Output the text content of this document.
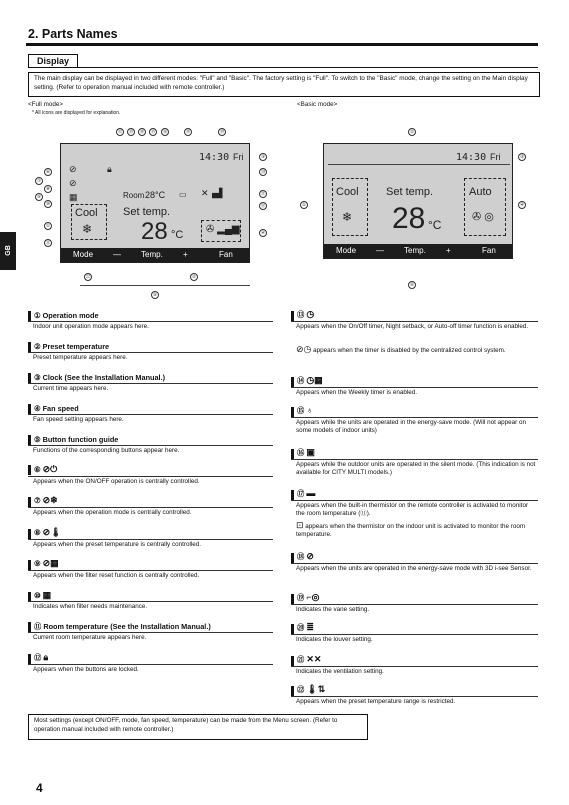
2. Parts Names
Display
The main display can be displayed in two different modes: "Full" and "Basic". The factory setting is "Full". To switch to the "Basic" mode, change the setting on the Main display setting. (Refer to operation manual included with remote controller.)
<Full mode>
* All icons are displayed for explanation.
⑫	⑬	⑭	⑮	⑯	⑱	⑲
③
⑳
㉑
⑰
④
⑥
⑦
⑧
⑨
⑩
①
⑪
㉒	②
⑤
14:30 Fri
⊘	🔒︎
⊘
▦	Room 28°C ▭ ✕▗▟
Cool
❄
Set temp.
28 °C ✇ ▂▄▆
Mode —	Temp.	+	Fan
GB
<Basic mode>
②
③
①	④
⑤
14:30 Fri
Cool
❄
Set temp.
28 °C
Auto
✇ ◎
Mode —	Temp.	+	Fan
① Operation mode
Indoor unit operation mode appears here.
② Preset temperature
Preset temperature appears here.
③ Clock (See the Installation Manual.)
Current time appears here.
④ Fan speed
Fan speed setting appears here.
⑤ Button function guide
Functions of the corresponding buttons appear here.
⑥ ⊘⏻
Appears when the ON/OFF operation is centrally controlled.
⑦ ⊘❄
Appears when the operation mode is centrally controlled.
⑧ ⊘🌡︎
Appears when the preset temperature is centrally controlled.
⑨ ⊘▦
Appears when the filter reset function is centrally controlled.
⑩ ▦
Indicates when filter needs maintenance.
⑪ Room temperature (See the Installation Manual.)
Current room temperature appears here.
⑫ 🔒︎
Appears when the buttons are locked.
⑬ ◷
Appears when the On/Off timer, Night setback, or Auto-off timer function is enabled.
⊘◷ appears when the timer is disabled by the centralized control system.
⑭ ◷▦
Appears when the Weekly timer is enabled.
⑮ ♁
Appears while the units are operated in the energy-save mode. (Will not appear on some models of indoor units)
⑯ ▣
Appears while the outdoor units are operated in the silent mode. (This indication is not available for CITY MULTI models.)
⑰ ▬
Appears when the built-in thermistor on the remote controller is activated to monitor the room temperature (⑪).
⊡ appears when the thermistor on the indoor unit is activated to monitor the room temperature.
⑱ ⊘
Appears when the units are operated in the energy-save mode with 3D i-see Sensor.
⑲ ⌐◎
Indicates the vane setting.
⑳ ≣
Indicates the louver setting.
㉑ ✕✕
Indicates the ventilation setting.
㉒ 🌡︎⇅
Appears when the preset temperature range is restricted.
Most settings (except ON/OFF, mode, fan speed, temperature) can be made from the Menu screen. (Refer to operation manual included with remote controller.)
4
